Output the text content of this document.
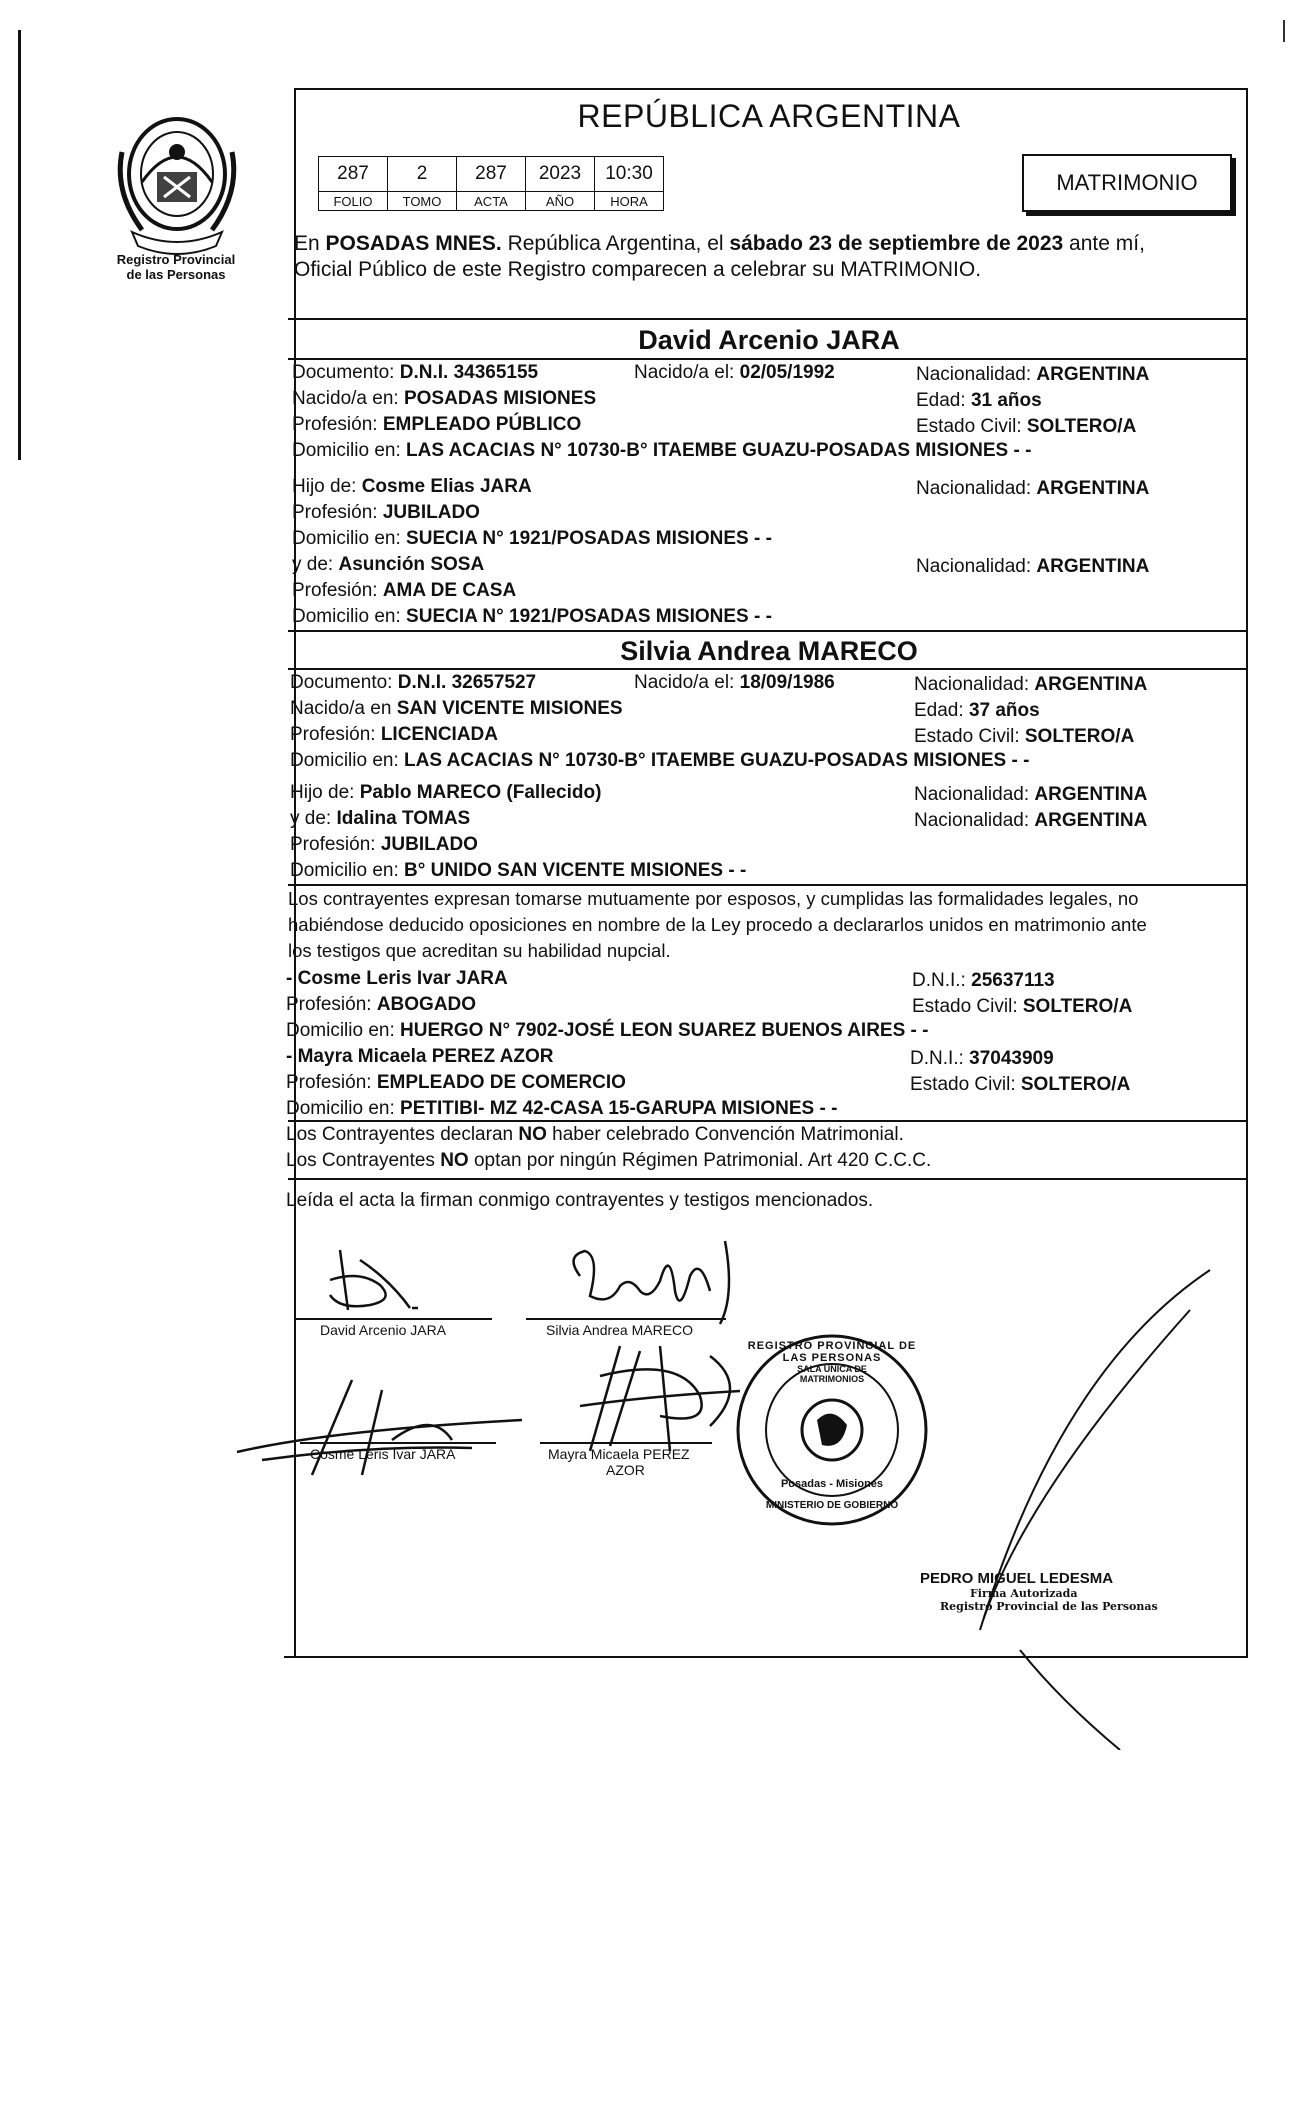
Registro Provincial
de las Personas
REPÚBLICA ARGENTINA
287	2	287	2023	10:30
FOLIO	TOMO	ACTA	AÑO	HORA
MATRIMONIO
En POSADAS MNES. República Argentina, el sábado 23 de septiembre de 2023 ante mí,
Oficial Público de este Registro comparecen a celebrar su MATRIMONIO.
David Arcenio JARA
Documento: D.N.I. 34365155	Nacido/a el: 02/05/1992	Nacionalidad: ARGENTINA
Nacido/a en: POSADAS MISIONES	Edad: 31 años
Profesión: EMPLEADO PÚBLICO	Estado Civil: SOLTERO/A
Domicilio en: LAS ACACIAS N° 10730-B° ITAEMBE GUAZU-POSADAS MISIONES - -
Hijo de: Cosme Elias JARA	Nacionalidad: ARGENTINA
Profesión: JUBILADO
Domicilio en: SUECIA N° 1921/POSADAS MISIONES - -
y de: Asunción SOSA	Nacionalidad: ARGENTINA
Profesión: AMA DE CASA
Domicilio en: SUECIA N° 1921/POSADAS MISIONES - -
Silvia Andrea MARECO
Documento: D.N.I. 32657527	Nacido/a el: 18/09/1986	Nacionalidad: ARGENTINA
Nacido/a en SAN VICENTE MISIONES	Edad: 37 años
Profesión: LICENCIADA	Estado Civil: SOLTERO/A
Domicilio en: LAS ACACIAS N° 10730-B° ITAEMBE GUAZU-POSADAS MISIONES - -
Hijo de: Pablo MARECO (Fallecido)	Nacionalidad: ARGENTINA
y de: Idalina TOMAS	Nacionalidad: ARGENTINA
Profesión: JUBILADO
Domicilio en: B° UNIDO SAN VICENTE MISIONES - -
Los contrayentes expresan tomarse mutuamente por esposos, y cumplidas las formalidades legales, no
habiéndose deducido oposiciones en nombre de la Ley procedo a declararlos unidos en matrimonio ante
los testigos que acreditan su habilidad nupcial.
- Cosme Leris Ivar JARA	D.N.I.: 25637113
Profesión: ABOGADO	Estado Civil: SOLTERO/A
Domicilio en: HUERGO N° 7902-JOSÉ LEON SUAREZ BUENOS AIRES - -
- Mayra Micaela PEREZ AZOR	D.N.I.: 37043909
Profesión: EMPLEADO DE COMERCIO	Estado Civil: SOLTERO/A
Domicilio en: PETITIBI- MZ 42-CASA 15-GARUPA MISIONES - -
Los Contrayentes declaran NO haber celebrado Convención Matrimonial.
Los Contrayentes NO optan por ningún Régimen Patrimonial. Art 420 C.C.C.
Leída el acta la firman conmigo contrayentes y testigos mencionados.
David Arcenio JARA	Silvia Andrea MARECO
Cosme Leris Ivar JARA	Mayra Micaela PEREZ
AZOR
REGISTRO PROVINCIAL DE LAS PERSONAS
SALA ÚNICA DE MATRIMONIOS
Posadas - Misiones
MINISTERIO DE GOBIERNO
PEDRO MIGUEL LEDESMA
Firma Autorizada
Registro Provincial de las Personas
